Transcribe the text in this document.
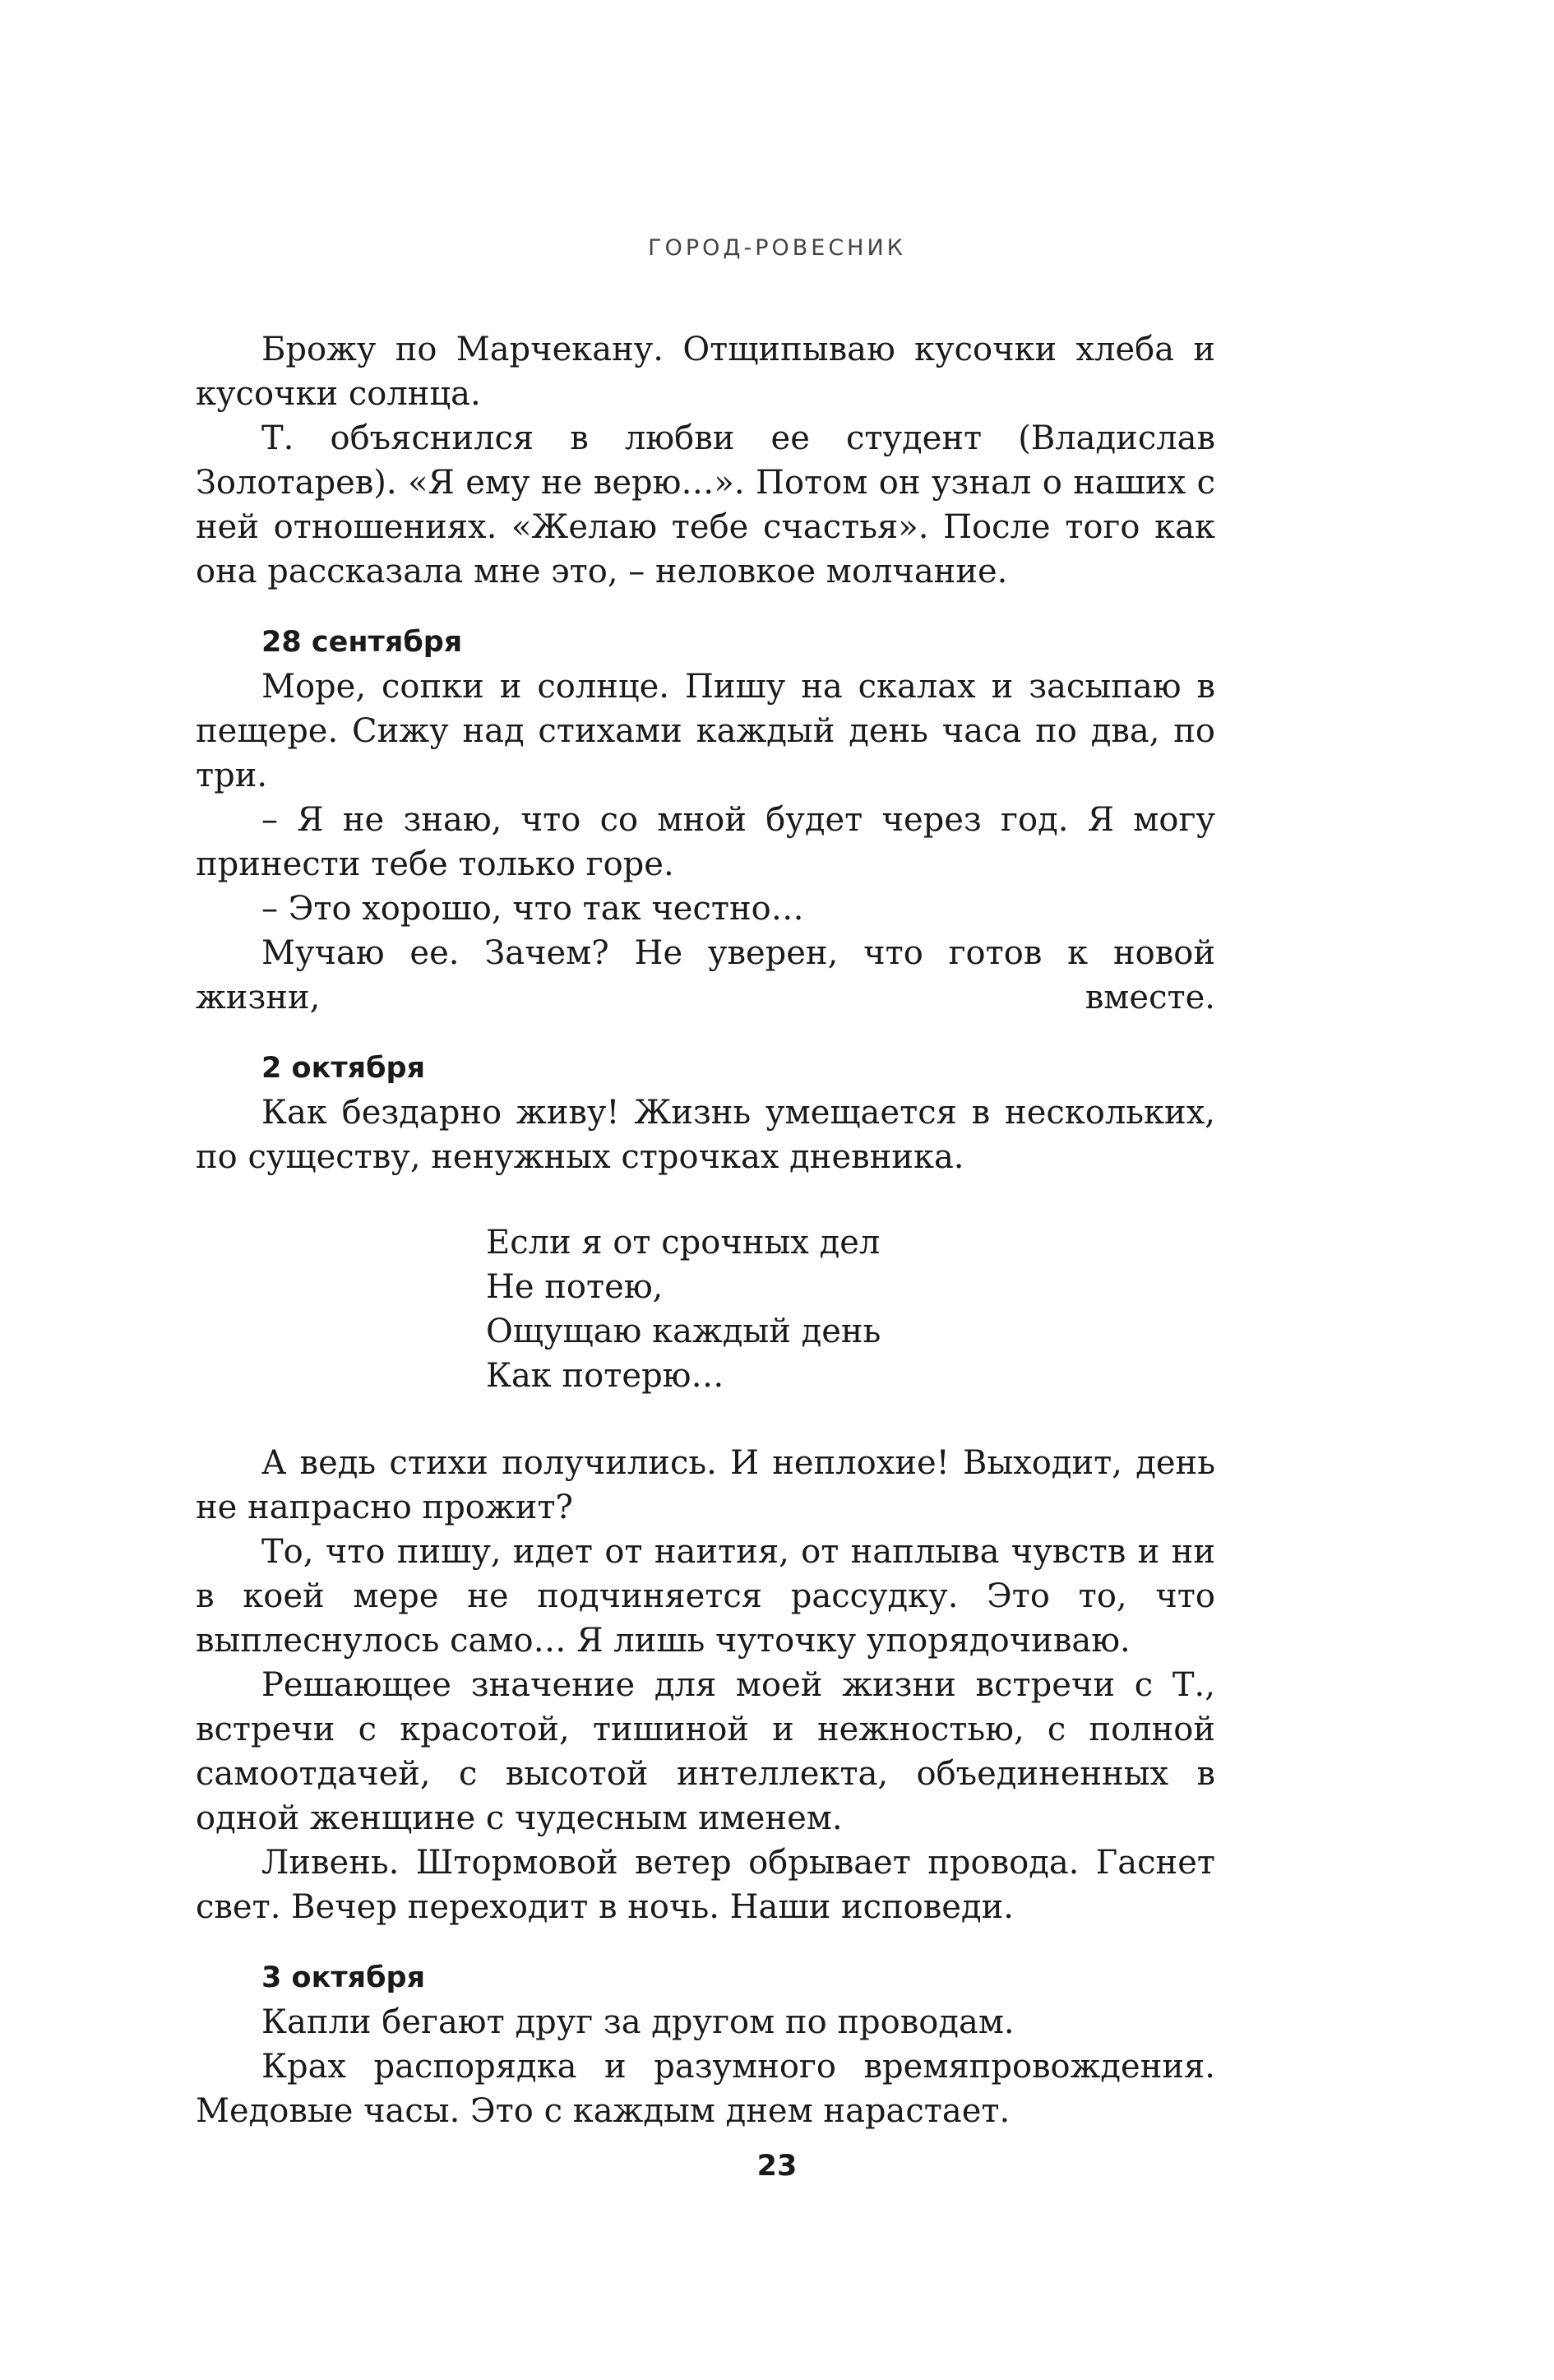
ГОРОД-РОВЕСНИК

Брожу по Марчекану. Отщипываю кусочки хлеба и кусочки солнца.

Т. объяснился в любви ее студент (Владислав Золотарев). «Я ему не верю…». Потом он узнал о наших с ней отношениях. «Желаю тебе счастья». После того как она рассказала мне это, – неловкое молчание.

28 сентября

Море, сопки и солнце. Пишу на скалах и засыпаю в пещере. Сижу над стихами каждый день часа по два, по три.

– Я не знаю, что со мной будет через год. Я могу принести тебе только горе.

– Это хорошо, что так честно…

Мучаю ее. Зачем? Не уверен, что готов к новой жизни, вместе.

2 октября

Как бездарно живу! Жизнь умещается в нескольких, по существу, ненужных строчках дневника.

Если я от срочных дел
Не потею,
Ощущаю каждый день
Как потерю…

А ведь стихи получились. И неплохие! Выходит, день не напрасно прожит?

То, что пишу, идет от наития, от наплыва чувств и ни в коей мере не подчиняется рассудку. Это то, что выплеснулось само… Я лишь чуточку упорядочиваю.

Решающее значение для моей жизни встречи с Т., встречи с красотой, тишиной и нежностью, с полной самоотдачей, с высотой интеллекта, объединенных в одной женщине с чудесным именем.

Ливень. Штормовой ветер обрывает провода. Гаснет свет. Вечер переходит в ночь. Наши исповеди.

3 октября

Капли бегают друг за другом по проводам.

Крах распорядка и разумного времяпровождения. Медовые часы. Это с каждым днем нарастает.

23
